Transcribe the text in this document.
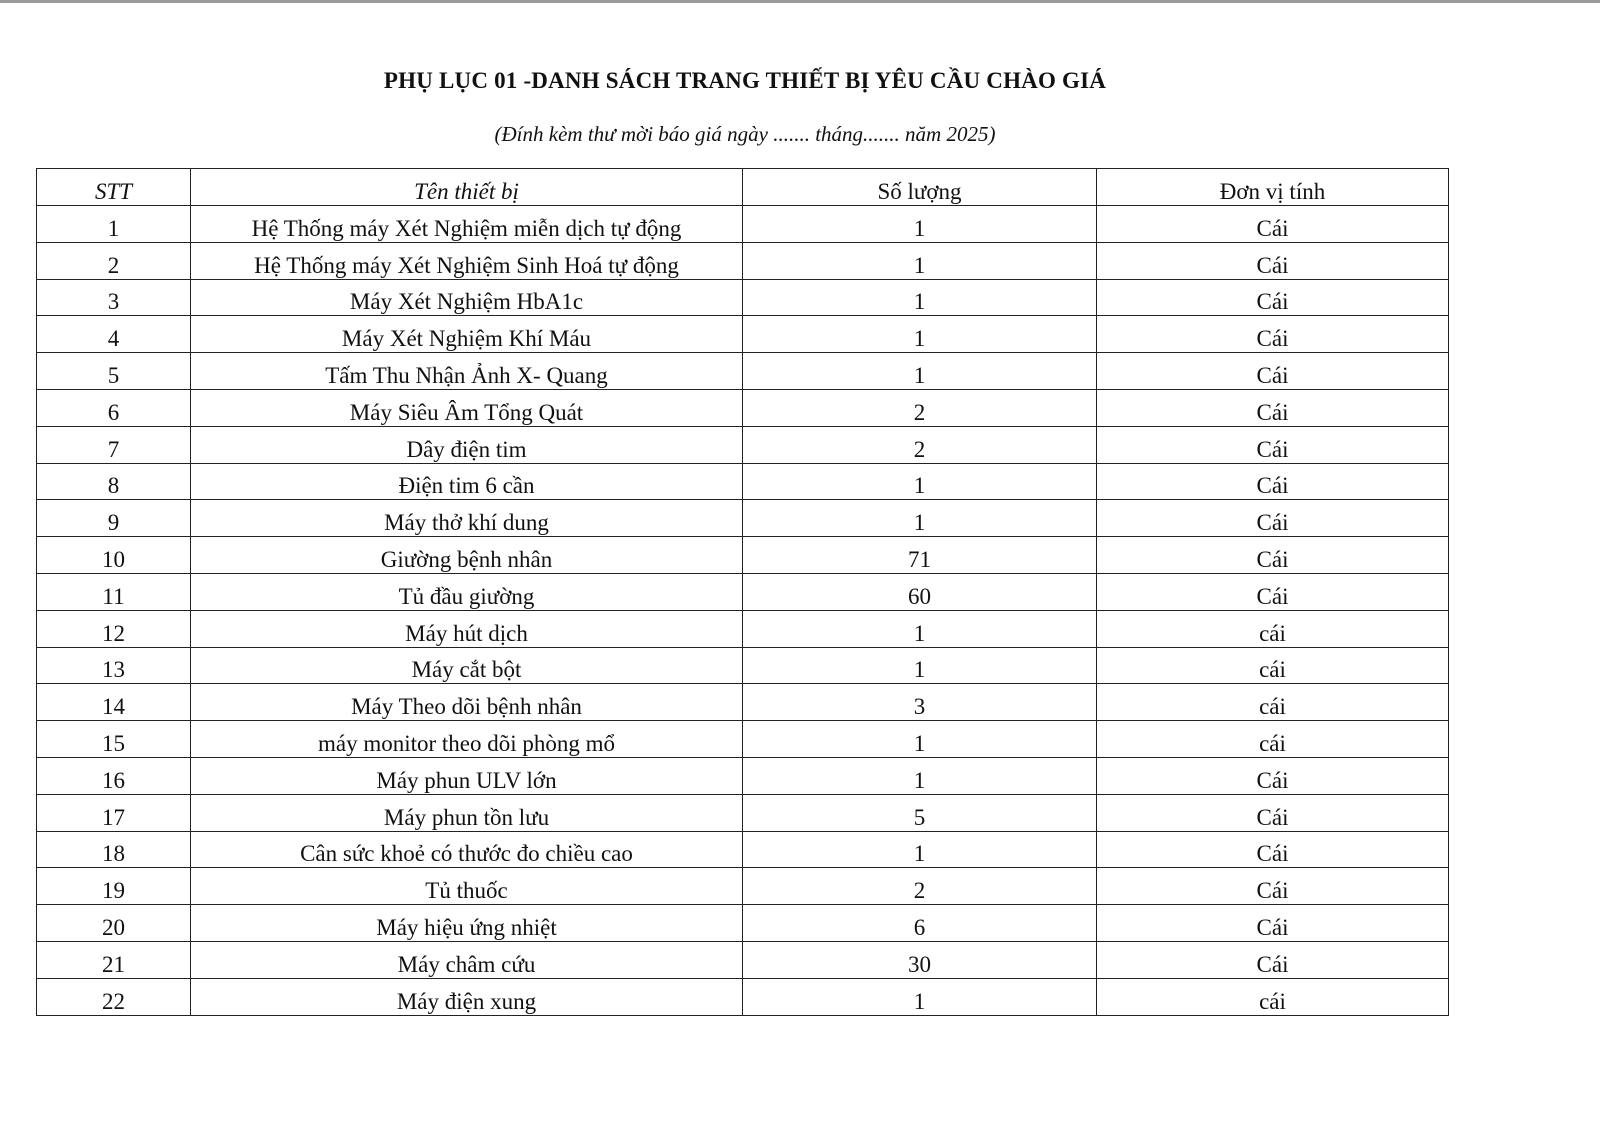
PHỤ LỤC 01 -DANH SÁCH TRANG THIẾT BỊ YÊU CẦU CHÀO GIÁ
(Đính kèm thư mời báo giá ngày ....... tháng....... năm 2025)
STT	Tên thiết bị	Số lượng	Đơn vị tính
1	Hệ Thống máy Xét Nghiệm miễn dịch tự động	1	Cái
2	Hệ Thống máy Xét Nghiệm Sinh Hoá tự động	1	Cái
3	Máy Xét Nghiệm HbA1c	1	Cái
4	Máy Xét Nghiệm Khí Máu	1	Cái
5	Tấm Thu Nhận Ảnh X- Quang	1	Cái
6	Máy Siêu Âm Tổng Quát	2	Cái
7	Dây điện tim	2	Cái
8	Điện tim 6 cần	1	Cái
9	Máy thở khí dung	1	Cái
10	Giường bệnh nhân	71	Cái
11	Tủ đầu giường	60	Cái
12	Máy hút dịch	1	cái
13	Máy cắt bột	1	cái
14	Máy Theo dõi bệnh nhân	3	cái
15	máy monitor theo dõi phòng mổ	1	cái
16	Máy phun ULV lớn	1	Cái
17	Máy phun tồn lưu	5	Cái
18	Cân sức khoẻ có thước đo chiều cao	1	Cái
19	Tủ thuốc	2	Cái
20	Máy hiệu ứng nhiệt	6	Cái
21	Máy châm cứu	30	Cái
22	Máy điện xung	1	cái
